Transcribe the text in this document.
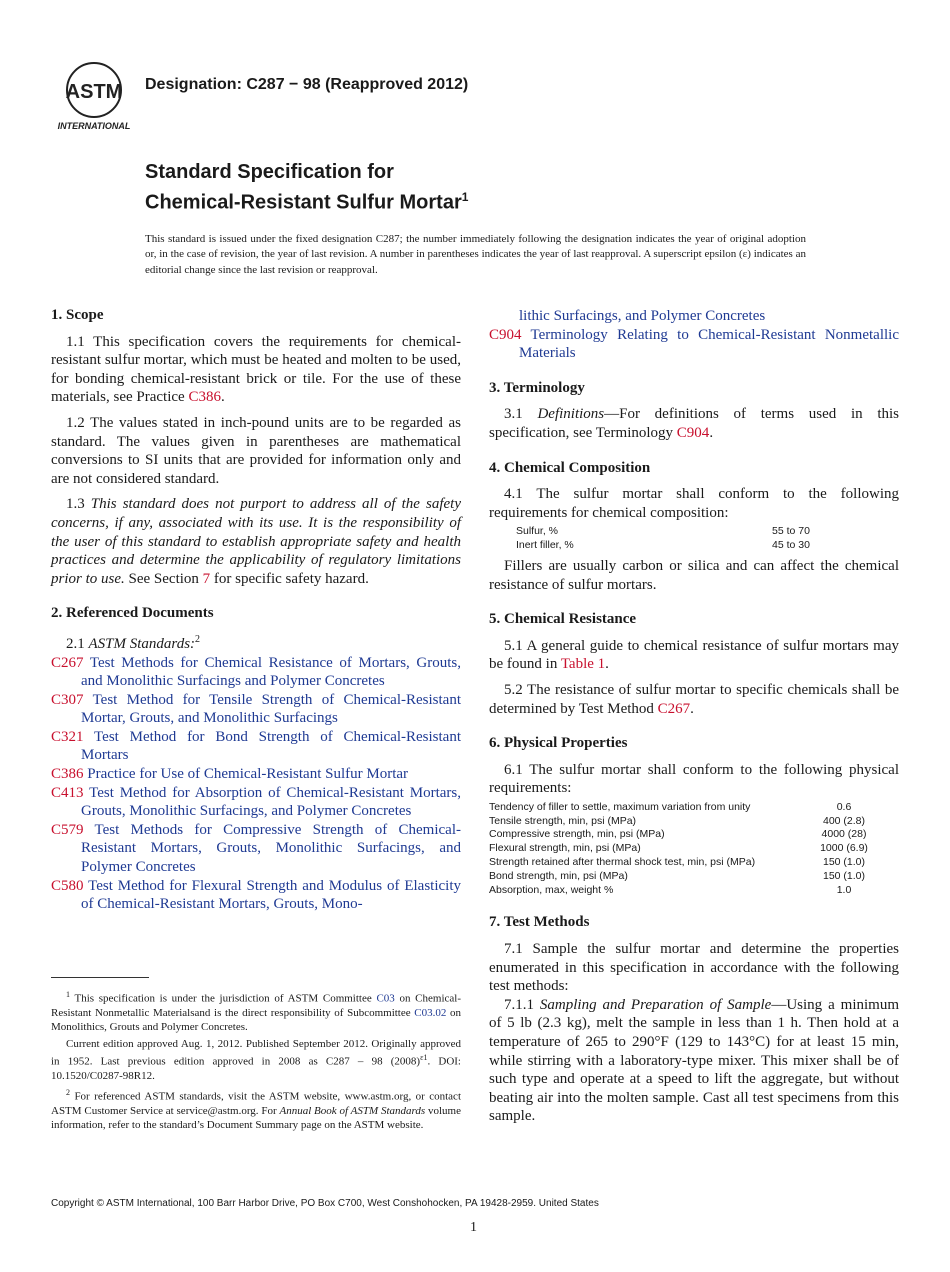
ASTM
INTERNATIONAL
Designation: C287 − 98 (Reapproved 2012)
Standard Specification for
Chemical-Resistant Sulfur Mortar$^1$
This standard is issued under the fixed designation C287; the number immediately following the designation indicates the year of original adoption or, in the case of revision, the year of last revision. A number in parentheses indicates the year of last reapproval. A superscript epsilon (ε) indicates an editorial change since the last revision or reapproval.
1. Scope
1.1 This specification covers the requirements for chemical-resistant sulfur mortar, which must be heated and molten to be used, for bonding chemical-resistant brick or tile. For the use of these materials, see Practice C386.
1.2 The values stated in inch-pound units are to be regarded as standard. The values given in parentheses are mathematical conversions to SI units that are provided for information only and are not considered standard.
1.3 This standard does not purport to address all of the safety concerns, if any, associated with its use. It is the responsibility of the user of this standard to establish appropriate safety and health practices and determine the applicability of regulatory limitations prior to use. See Section 7 for specific safety hazard.
2. Referenced Documents
2.1 ASTM Standards:$^2$
C267 Test Methods for Chemical Resistance of Mortars, Grouts, and Monolithic Surfacings and Polymer Concretes
C307 Test Method for Tensile Strength of Chemical-Resistant Mortar, Grouts, and Monolithic Surfacings
C321 Test Method for Bond Strength of Chemical-Resistant Mortars
C386 Practice for Use of Chemical-Resistant Sulfur Mortar
C413 Test Method for Absorption of Chemical-Resistant Mortars, Grouts, Monolithic Surfacings, and Polymer Concretes
C579 Test Methods for Compressive Strength of Chemical-Resistant Mortars, Grouts, Monolithic Surfacings, and Polymer Concretes
C580 Test Method for Flexural Strength and Modulus of Elasticity of Chemical-Resistant Mortars, Grouts, Mono-
$^1$ This specification is under the jurisdiction of ASTM Committee C03 on Chemical-Resistant Nonmetallic Materialsand is the direct responsibility of Subcommittee C03.02 on Monolithics, Grouts and Polymer Concretes.
Current edition approved Aug. 1, 2012. Published September 2012. Originally approved in 1952. Last previous edition approved in 2008 as C287 – 98 $(2008)^{\varepsilon 1}$. DOI: 10.1520/C0287-98R12.
$^2$ For referenced ASTM standards, visit the ASTM website, www.astm.org, or contact ASTM Customer Service at service@astm.org. For Annual Book of ASTM Standards volume information, refer to the standard’s Document Summary page on the ASTM website.
lithic Surfacings, and Polymer Concretes
C904 Terminology Relating to Chemical-Resistant Nonmetallic Materials
3. Terminology
3.1 Definitions—For definitions of terms used in this specification, see Terminology C904.
4. Chemical Composition
4.1 The sulfur mortar shall conform to the following requirements for chemical composition:
Sulfur, %	55 to 70
Inert filler, %	45 to 30
Fillers are usually carbon or silica and can affect the chemical resistance of sulfur mortars.
5. Chemical Resistance
5.1 A general guide to chemical resistance of sulfur mortars may be found in Table 1.
5.2 The resistance of sulfur mortar to specific chemicals shall be determined by Test Method C267.
6. Physical Properties
6.1 The sulfur mortar shall conform to the following physical requirements:
Tendency of filler to settle, maximum variation from unity	0.6
Tensile strength, min, psi (MPa)	400 (2.8)
Compressive strength, min, psi (MPa)	4000 (28)
Flexural strength, min, psi (MPa)	1000 (6.9)
Strength retained after thermal shock test, min, psi (MPa)	150 (1.0)
Bond strength, min, psi (MPa)	150 (1.0)
Absorption, max, weight %	1.0
7. Test Methods
7.1 Sample the sulfur mortar and determine the properties enumerated in this specification in accordance with the following test methods:
7.1.1 Sampling and Preparation of Sample—Using a minimum of 5 lb (2.3 kg), melt the sample in less than 1 h. Then hold at a temperature of 265 to 290°F (129 to 143°C) for at least 15 min, while stirring with a laboratory-type mixer. This mixer shall be of such type and operate at a speed to lift the aggregate, but without beating air into the molten sample. Cast all test specimens from this sample.
Copyright © ASTM International, 100 Barr Harbor Drive, PO Box C700, West Conshohocken, PA 19428-2959. United States
1
